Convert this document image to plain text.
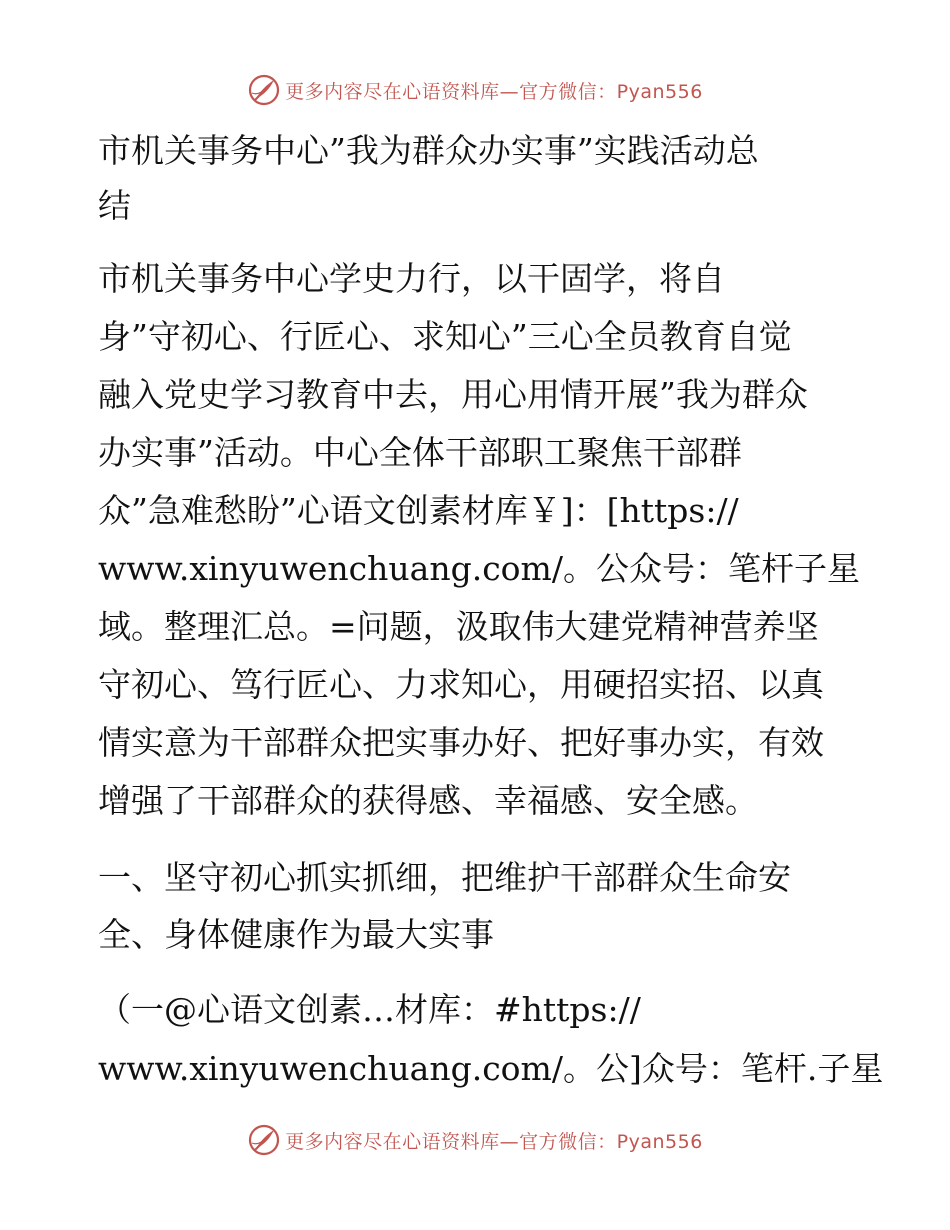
更多内容尽在心语资料库—官方微信：Pyan556
市机关事务中心”我为群众办实事”实践活动总
结
市机关事务中心学史力行，以干固学，将自
身”守初心、行匠心、求知心”三心全员教育自觉
融入党史学习教育中去，用心用情开展”我为群众
办实事”活动。中心全体干部职工聚焦干部群
众”急难愁盼”心语文创素材库￥]：[https://
www.xinyuwenchuang.com/。公众号：笔杆子星
域。整理汇总。=问题，汲取伟大建党精神营养坚
守初心、笃行匠心、力求知心，用硬招实招、以真
情实意为干部群众把实事办好、把好事办实，有效
增强了干部群众的获得感、幸福感、安全感。
一、坚守初心抓实抓细，把维护干部群众生命安
全、身体健康作为最大实事
（一@心语文创素…材库：#https://
www.xinyuwenchuang.com/。公]众号：笔杆.子星
更多内容尽在心语资料库—官方微信：Pyan556
